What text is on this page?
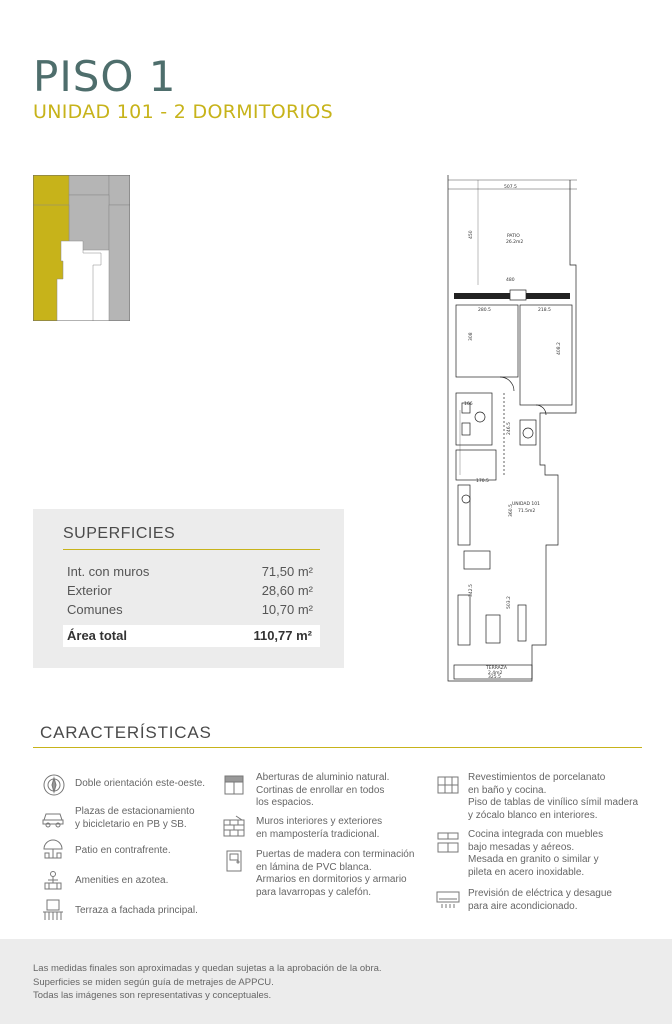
PISO 1
UNIDAD 101 - 2 DORMITORIOS
507.5
PATIO
26.2m2
450
480
280.5	218.5
308
408.2
166
246.5
170.5
UNIDAD 101
71.5m2
360.5
342.5
503.2
TERRAZA
2.4m2
325.5
SUPERFICIES
Int. con muros	71,50 m²
Exterior	28,60 m²
Comunes	10,70 m²
Área total	110,77 m²
CARACTERÍSTICAS
Doble orientación este-oeste.
Plazas de estacionamiento
y bicicletario en PB y SB.
Patio en contrafrente.
Amenities en azotea.
Terraza a fachada principal.
Aberturas de aluminio natural.
Cortinas de enrollar en todos
los espacios.
Muros interiores y exteriores
en mampostería tradicional.
Puertas de madera con terminación
en lámina de PVC blanca.
Armarios en dormitorios y armario
para lavarropas y calefón.
Revestimientos de porcelanato
en baño y cocina.
Piso de tablas de vinílico símil madera
y zócalo blanco en interiores.
Cocina integrada con muebles
bajo mesadas y aéreos.
Mesada en granito o similar y
pileta en acero inoxidable.
Previsión de eléctrica y desague
para aire acondicionado.

Las medidas finales son aproximadas y quedan sujetas a la aprobación de la obra.

Superficies se miden según guía de metrajes de APPCU.

Todas las imágenes son representativas y conceptuales.
